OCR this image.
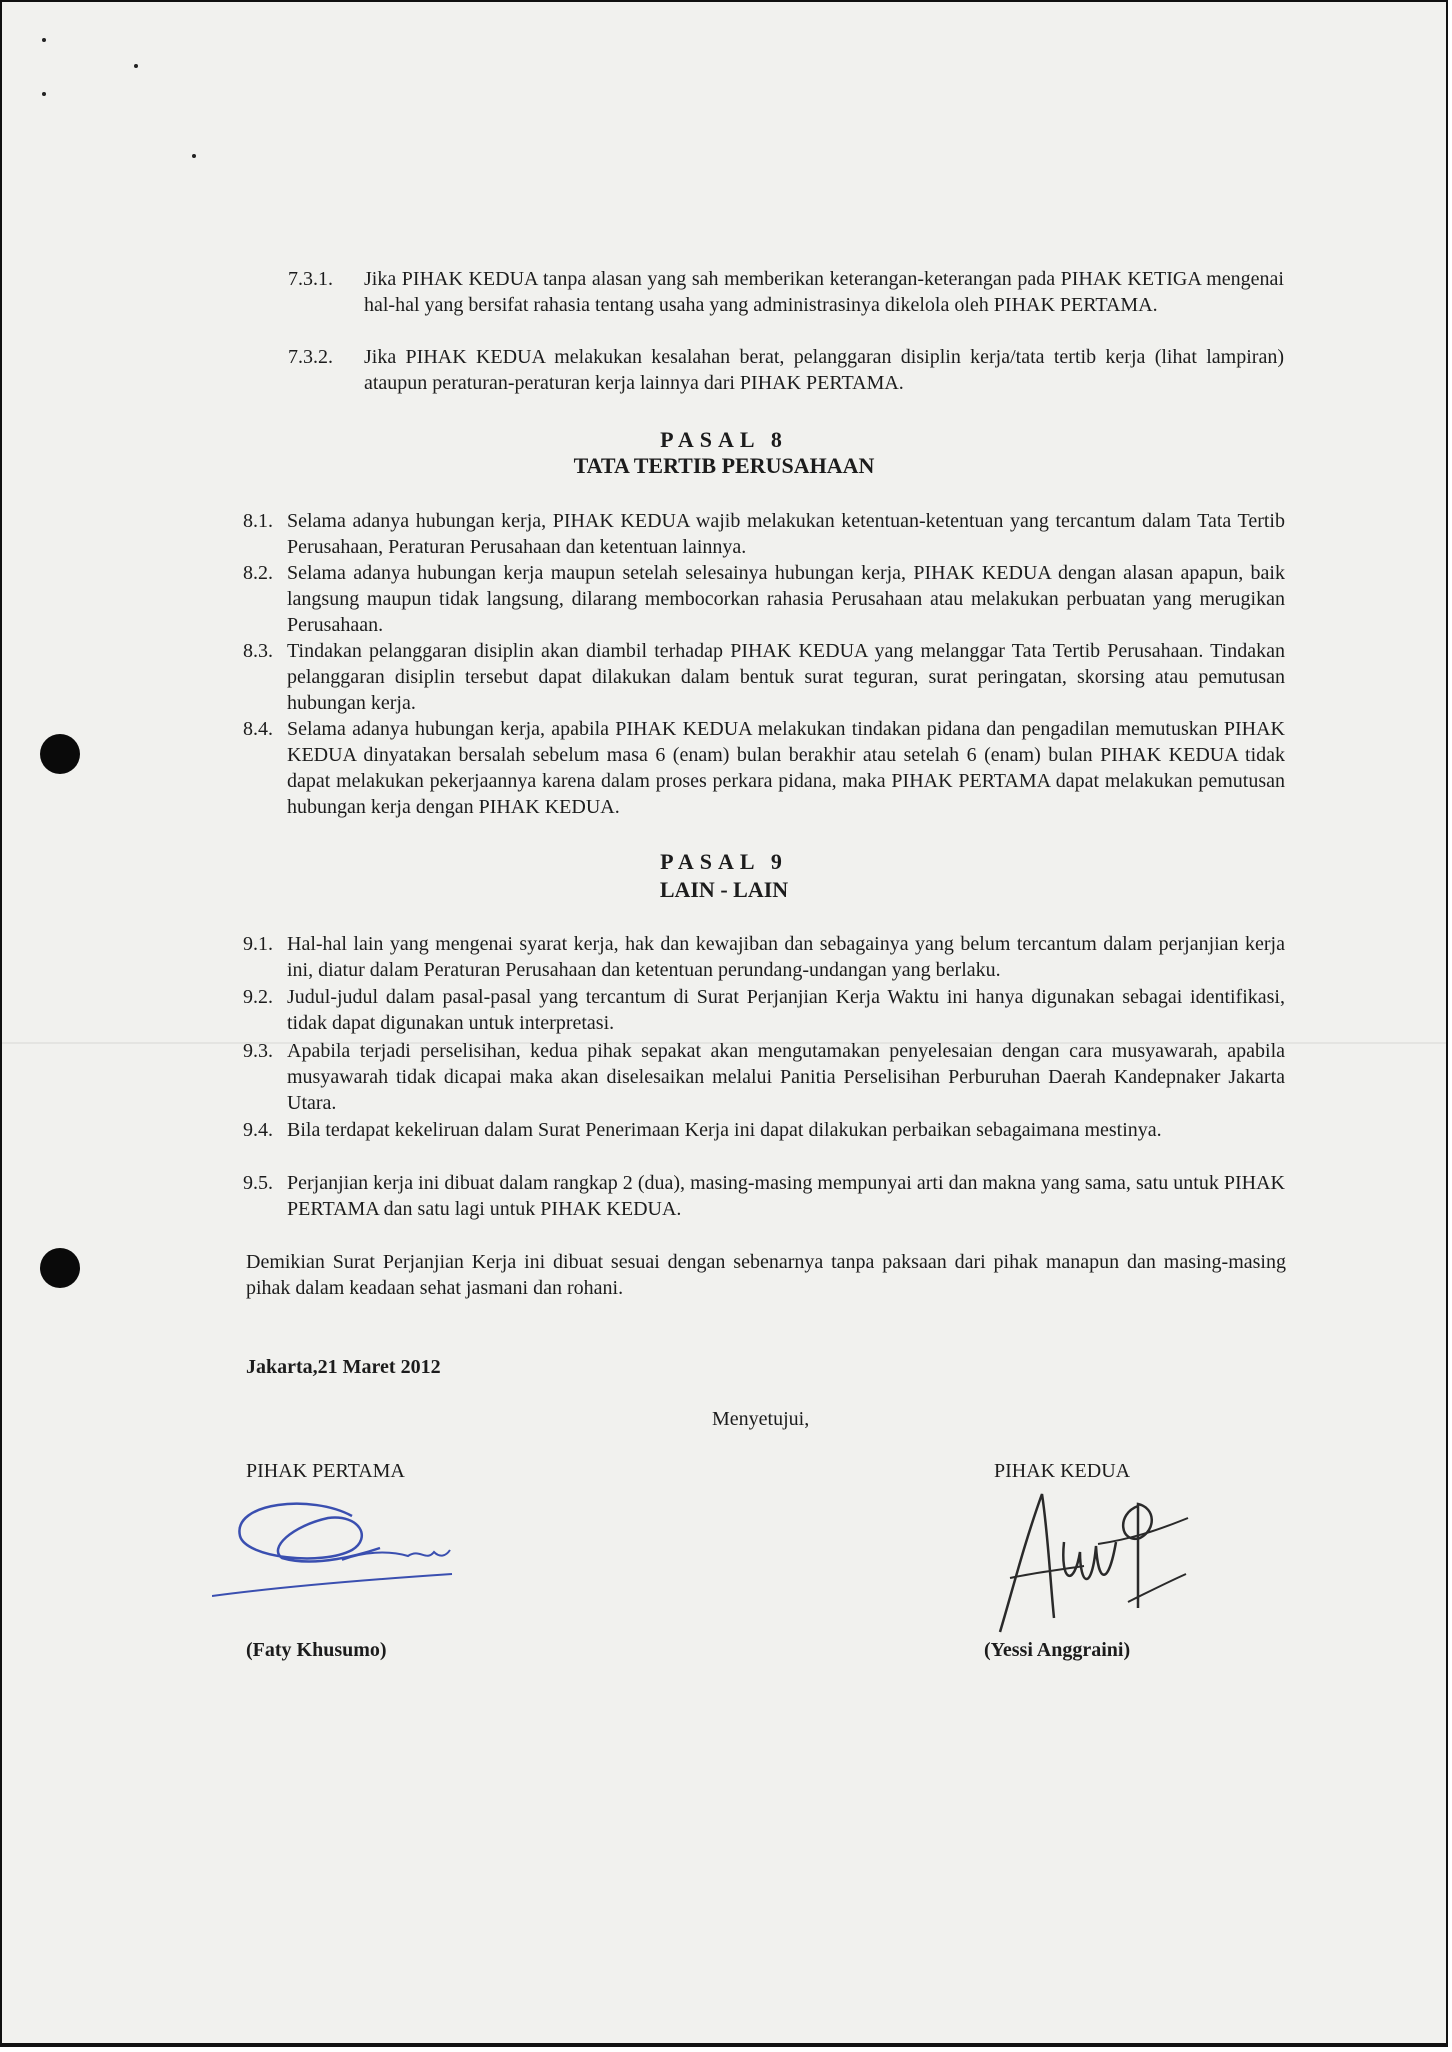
7.3.1. Jika PIHAK KEDUA tanpa alasan yang sah memberikan keterangan-keterangan pada PIHAK KETIGA mengenai hal-hal yang bersifat rahasia tentang usaha yang administrasinya dikelola oleh PIHAK PERTAMA.
7.3.2. Jika PIHAK KEDUA melakukan kesalahan berat, pelanggaran disiplin kerja/tata tertib kerja (lihat lampiran) ataupun peraturan-peraturan kerja lainnya dari PIHAK PERTAMA.
PASAL 8
TATA TERTIB PERUSAHAAN
8.1. Selama adanya hubungan kerja, PIHAK KEDUA wajib melakukan ketentuan-ketentuan yang tercantum dalam Tata Tertib Perusahaan, Peraturan Perusahaan dan ketentuan lainnya.
8.2. Selama adanya hubungan kerja maupun setelah selesainya hubungan kerja, PIHAK KEDUA dengan alasan apapun, baik langsung maupun tidak langsung, dilarang membocorkan rahasia Perusahaan atau melakukan perbuatan yang merugikan Perusahaan.
8.3. Tindakan pelanggaran disiplin akan diambil terhadap PIHAK KEDUA yang melanggar Tata Tertib Perusahaan. Tindakan pelanggaran disiplin tersebut dapat dilakukan dalam bentuk surat teguran, surat peringatan, skorsing atau pemutusan hubungan kerja.
8.4. Selama adanya hubungan kerja, apabila PIHAK KEDUA melakukan tindakan pidana dan pengadilan memutuskan PIHAK KEDUA dinyatakan bersalah sebelum masa 6 (enam) bulan berakhir atau setelah 6 (enam) bulan PIHAK KEDUA tidak dapat melakukan pekerjaannya karena dalam proses perkara pidana, maka PIHAK PERTAMA dapat melakukan pemutusan hubungan kerja dengan PIHAK KEDUA.
PASAL 9
LAIN - LAIN
9.1. Hal-hal lain yang mengenai syarat kerja, hak dan kewajiban dan sebagainya yang belum tercantum dalam perjanjian kerja ini, diatur dalam Peraturan Perusahaan dan ketentuan perundang-undangan yang berlaku.
9.2. Judul-judul dalam pasal-pasal yang tercantum di Surat Perjanjian Kerja Waktu ini hanya digunakan sebagai identifikasi, tidak dapat digunakan untuk interpretasi.
9.3. Apabila terjadi perselisihan, kedua pihak sepakat akan mengutamakan penyelesaian dengan cara musyawarah, apabila musyawarah tidak dicapai maka akan diselesaikan melalui Panitia Perselisihan Perburuhan Daerah Kandepnaker Jakarta Utara.
9.4. Bila terdapat kekeliruan dalam Surat Penerimaan Kerja ini dapat dilakukan perbaikan sebagaimana mestinya.
9.5. Perjanjian kerja ini dibuat dalam rangkap 2 (dua), masing-masing mempunyai arti dan makna yang sama, satu untuk PIHAK PERTAMA dan satu lagi untuk PIHAK KEDUA.
Demikian Surat Perjanjian Kerja ini dibuat sesuai dengan sebenarnya tanpa paksaan dari pihak manapun dan masing-masing pihak dalam keadaan sehat jasmani dan rohani.
Jakarta,21 Maret 2012
Menyetujui,
PIHAK PERTAMA	PIHAK KEDUA
(Faty Khusumo)	(Yessi Anggraini)
